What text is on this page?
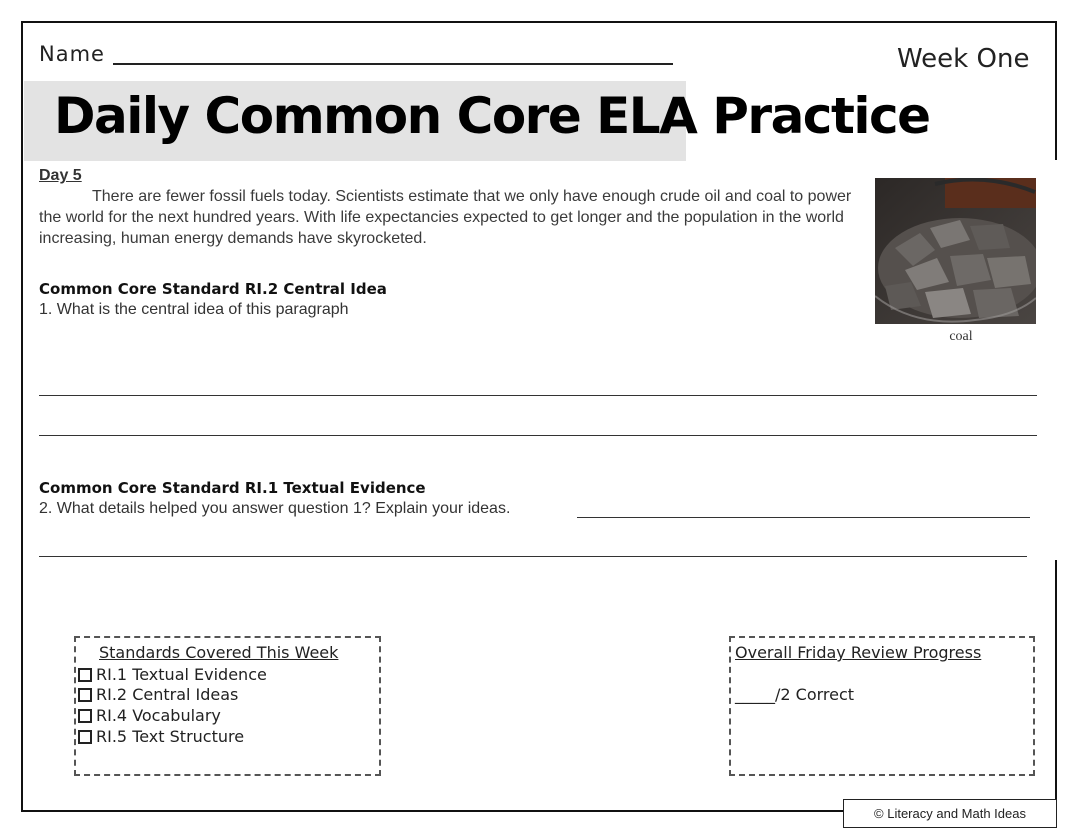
Name	Week One
Daily Common Core ELA Practice
Day 5

There are fewer fossil fuels today. Scientists estimate that we only have enough crude oil and coal to power the world for the next hundred years. With life expectancies expected to get longer and the population in the world increasing, human energy demands have skyrocketed.

coal
Common Core Standard RI.2 Central Idea
1. What is the central idea of this paragraph
Common Core Standard RI.1 Textual Evidence
2. What details helped you answer question 1? Explain your ideas.
Standards Covered This Week
RI.1 Textual Evidence
RI.2 Central Ideas
RI.4 Vocabulary
RI.5 Text Structure
Overall Friday Review Progress
_____/2 Correct
© Literacy and Math Ideas
